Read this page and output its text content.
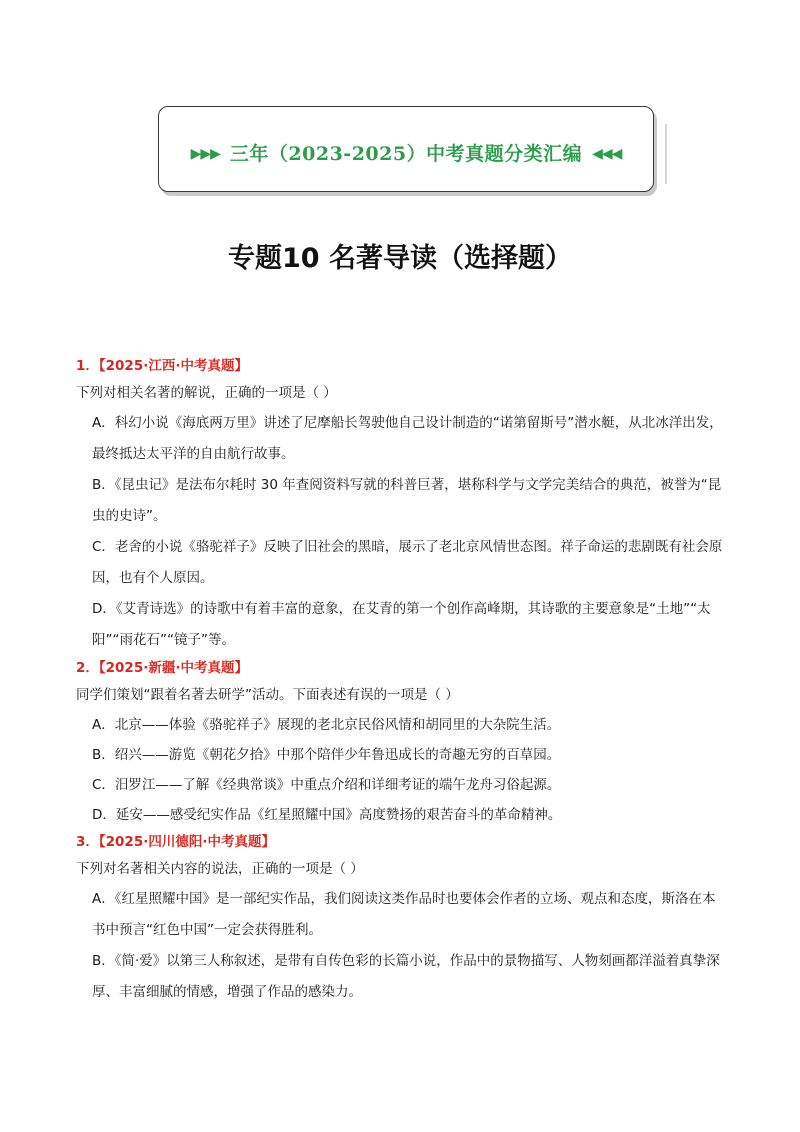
▶▶▶ 三年（2023-2025）中考真题分类汇编 ◀◀◀
专题10 名著导读（选择题）
1．【2025·江西·中考真题】
下列对相关名著的解说，正确的一项是（ ）
A．科幻小说《海底两万里》讲述了尼摩船长驾驶他自己设计制造的“诺第留斯号”潜水艇，从北冰洋出发，最终抵达太平洋的自由航行故事。
B．《昆虫记》是法布尔耗时 30 年查阅资料写就的科普巨著，堪称科学与文学完美结合的典范，被誉为“昆虫的史诗”。
C．老舍的小说《骆驼祥子》反映了旧社会的黑暗，展示了老北京风情世态图。祥子命运的悲剧既有社会原因，也有个人原因。
D．《艾青诗选》的诗歌中有着丰富的意象，在艾青的第一个创作高峰期，其诗歌的主要意象是“土地”“太阳”“雨花石”“镜子”等。
2．【2025·新疆·中考真题】
同学们策划“跟着名著去研学”活动。下面表述有误的一项是（ ）
A．北京——体验《骆驼祥子》展现的老北京民俗风情和胡同里的大杂院生活。
B．绍兴——游览《朝花夕拾》中那个陪伴少年鲁迅成长的奇趣无穷的百草园。
C．汨罗江——了解《经典常谈》中重点介绍和详细考证的端午龙舟习俗起源。
D．延安——感受纪实作品《红星照耀中国》高度赞扬的艰苦奋斗的革命精神。
3．【2025·四川德阳·中考真题】
下列对名著相关内容的说法，正确的一项是（ ）
A．《红星照耀中国》是一部纪实作品，我们阅读这类作品时也要体会作者的立场、观点和态度，斯洛在本书中预言“红色中国”一定会获得胜利。
B．《简·爱》以第三人称叙述，是带有自传色彩的长篇小说，作品中的景物描写、人物刻画都洋溢着真挚深厚、丰富细腻的情感，增强了作品的感染力。
